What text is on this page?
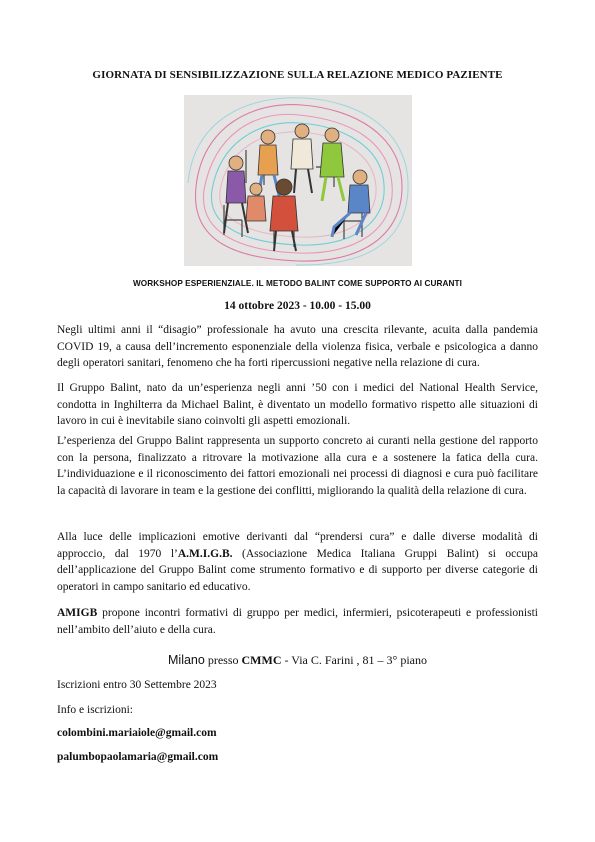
GIORNATA DI SENSIBILIZZAZIONE SULLA RELAZIONE MEDICO PAZIENTE
WORKSHOP ESPERIENZIALE. IL METODO BALINT COME SUPPORTO AI CURANTI
14 ottobre 2023 - 10.00 - 15.00
Negli ultimi anni il “disagio” professionale ha avuto una crescita rilevante, acuita dalla pandemia COVID 19, a causa dell’incremento esponenziale della violenza fisica, verbale e psicologica a danno degli operatori sanitari, fenomeno che ha forti ripercussioni negative nella relazione di cura.
Il Gruppo Balint, nato da un’esperienza negli anni ’50 con i medici del National Health Service, condotta in Inghilterra da Michael Balint, è diventato un modello formativo rispetto alle situazioni di lavoro in cui è inevitabile siano coinvolti gli aspetti emozionali.
L’esperienza del Gruppo Balint rappresenta un supporto concreto ai curanti nella gestione del rapporto con la persona, finalizzato a ritrovare la motivazione alla cura e a sostenere la fatica della cura. L’individuazione e il riconoscimento dei fattori emozionali nei processi di diagnosi e cura può facilitare la capacità di lavorare in team e la gestione dei conflitti, migliorando la qualità della relazione di cura.
Alla luce delle implicazioni emotive derivanti dal “prendersi cura” e dalle diverse modalità di approccio, dal 1970 l’A.M.I.G.B. (Associazione Medica Italiana Gruppi Balint) si occupa dell’applicazione del Gruppo Balint come strumento formativo e di supporto per diverse categorie di operatori in campo sanitario ed educativo.
AMIGB propone incontri formativi di gruppo per medici, infermieri, psicoterapeuti e professionisti nell’ambito dell’aiuto e della cura.
Milano presso CMMC - Via C. Farini , 81 – 3° piano
Iscrizioni entro 30 Settembre 2023
Info e iscrizioni:
colombini.mariaiole@gmail.com
palumbopaolamaria@gmail.com
